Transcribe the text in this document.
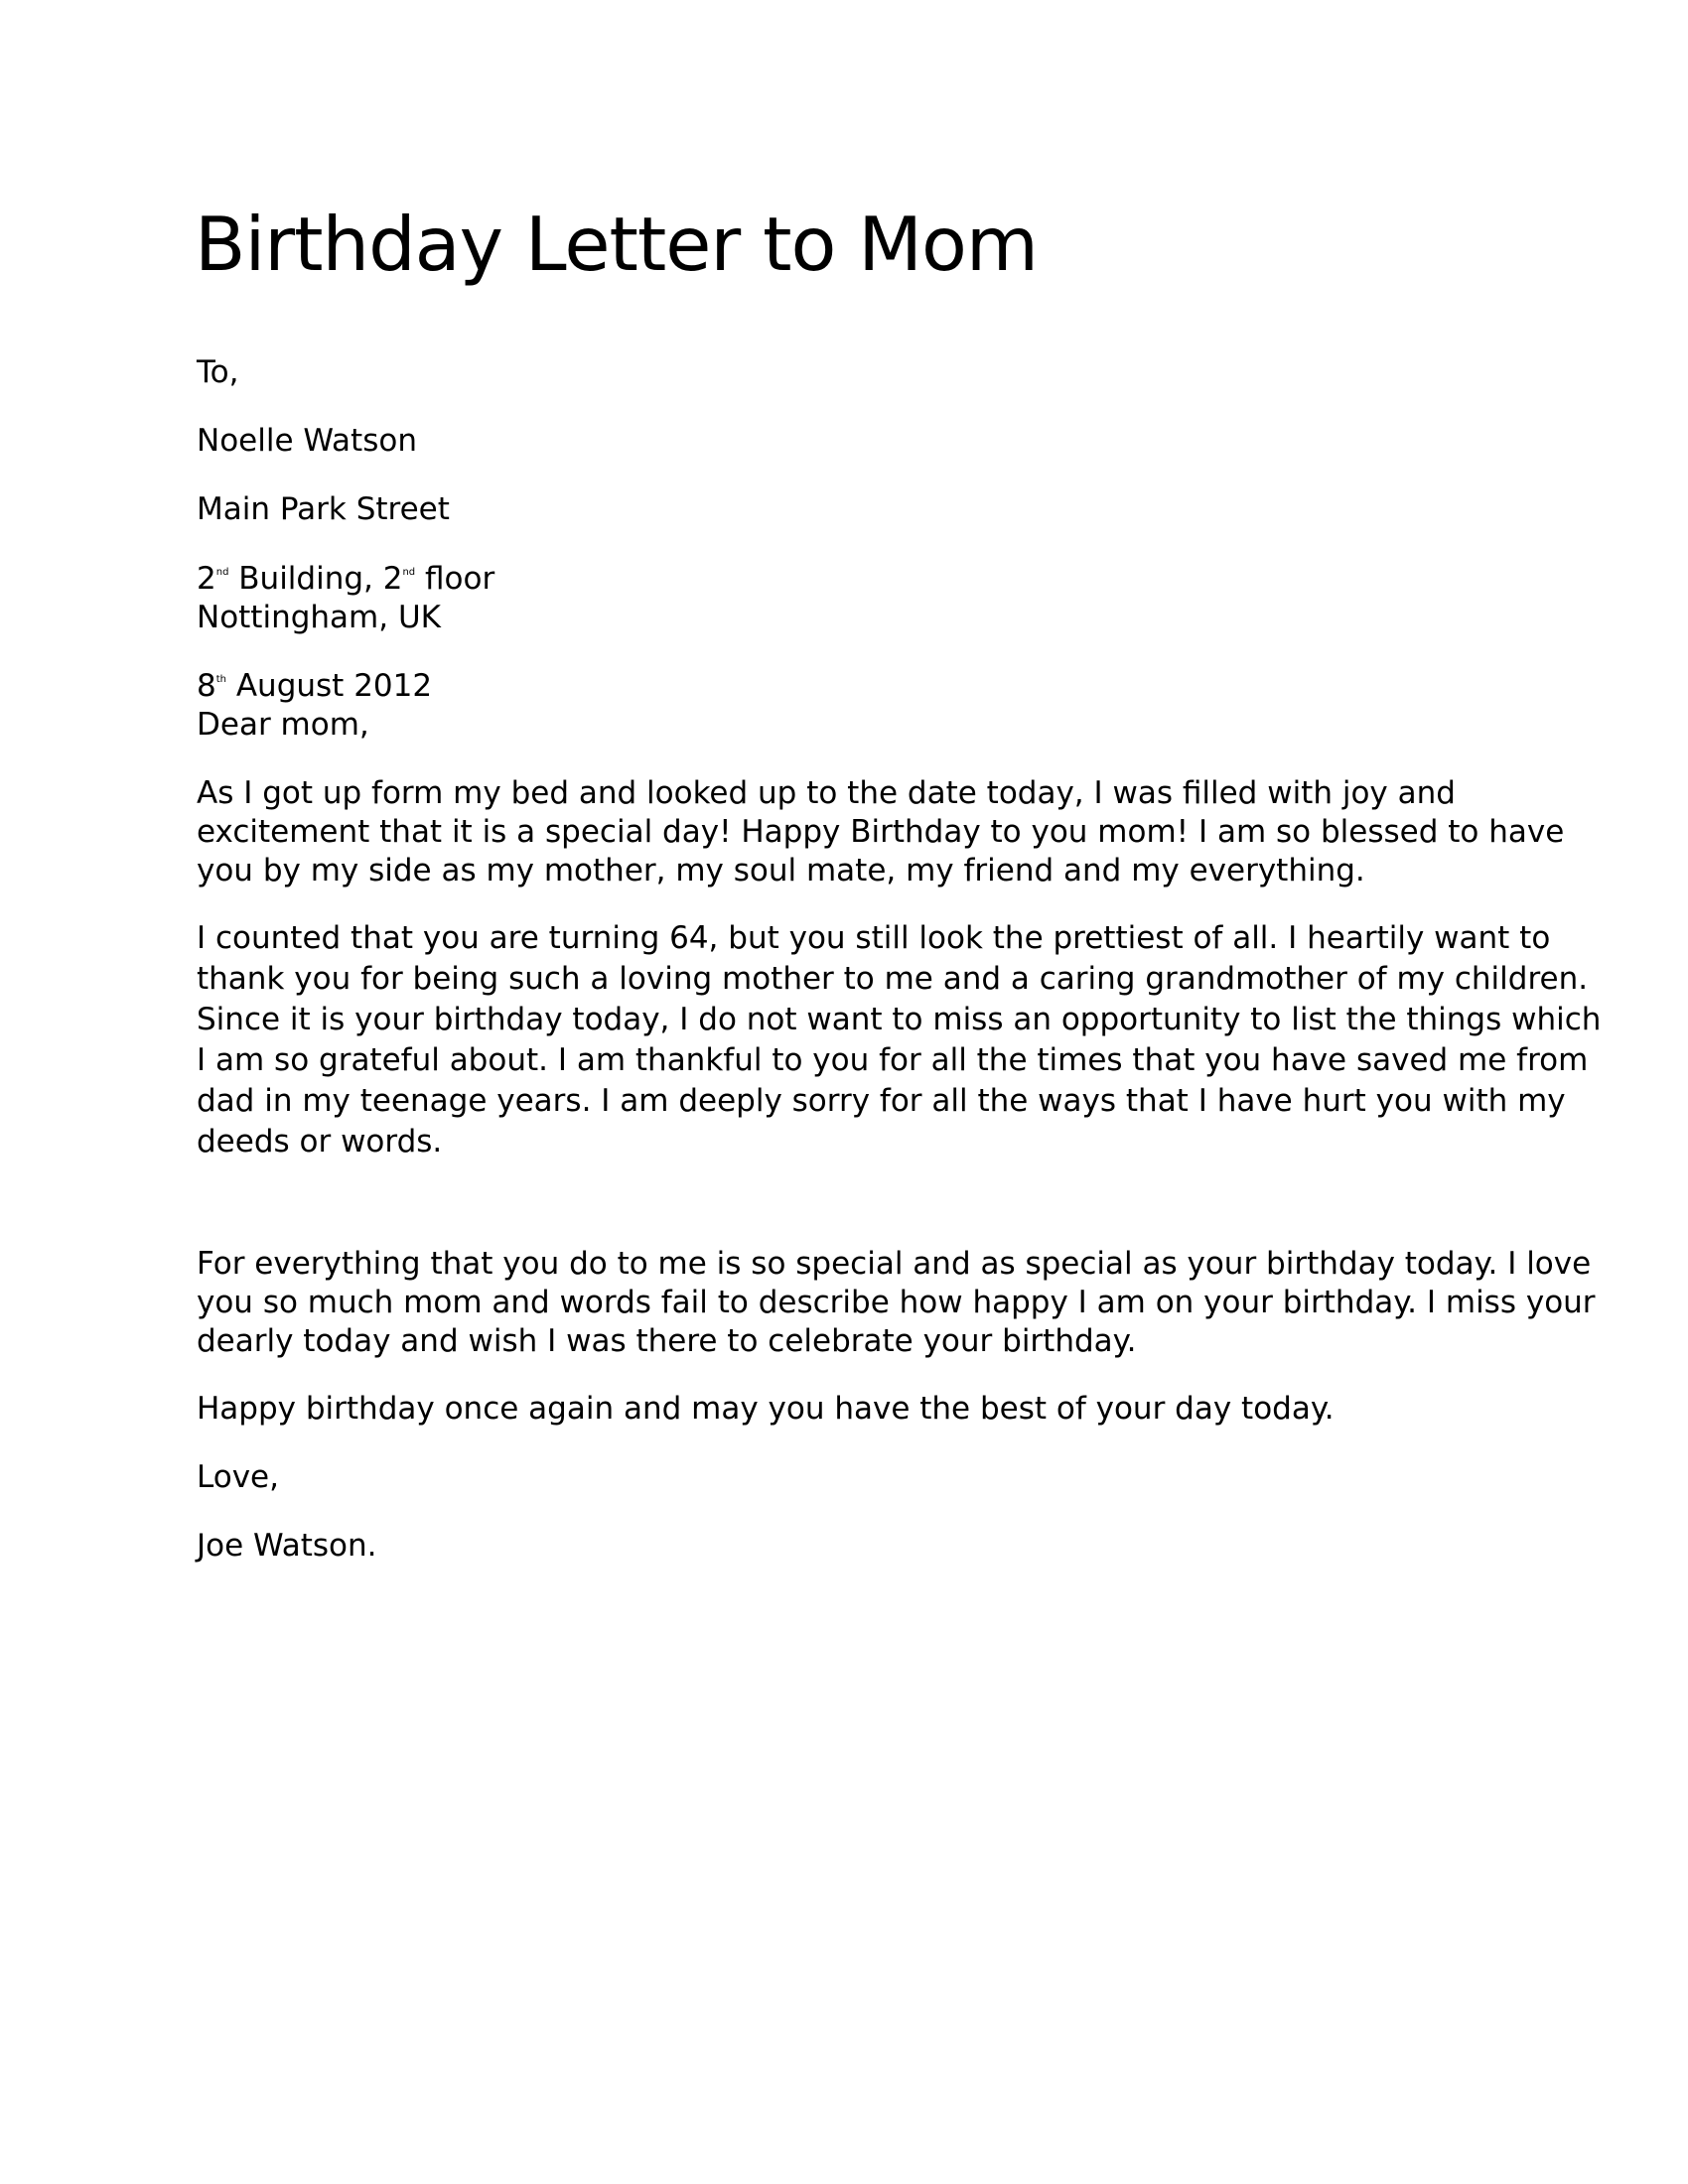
Birthday Letter to Mom

To,

Noelle Watson

Main Park Street

2nd Building, 2nd floor

Nottingham, UK

8th August 2012

Dear mom,

As I got up form my bed and looked up to the date today, I was filled with joy and
excitement that it is a special day! Happy Birthday to you mom! I am so blessed to have
you by my side as my mother, my soul mate, my friend and my everything.
I counted that you are turning 64, but you still look the prettiest of all. I heartily want to
thank you for being such a loving mother to me and a caring grandmother of my children.
Since it is your birthday today, I do not want to miss an opportunity to list the things which
I am so grateful about. I am thankful to you for all the times that you have saved me from
dad in my teenage years. I am deeply sorry for all the ways that I have hurt you with my
deeds or words.
For everything that you do to me is so special and as special as your birthday today. I love
you so much mom and words fail to describe how happy I am on your birthday. I miss your
dearly today and wish I was there to celebrate your birthday.

Happy birthday once again and may you have the best of your day today.

Love,

Joe Watson.
